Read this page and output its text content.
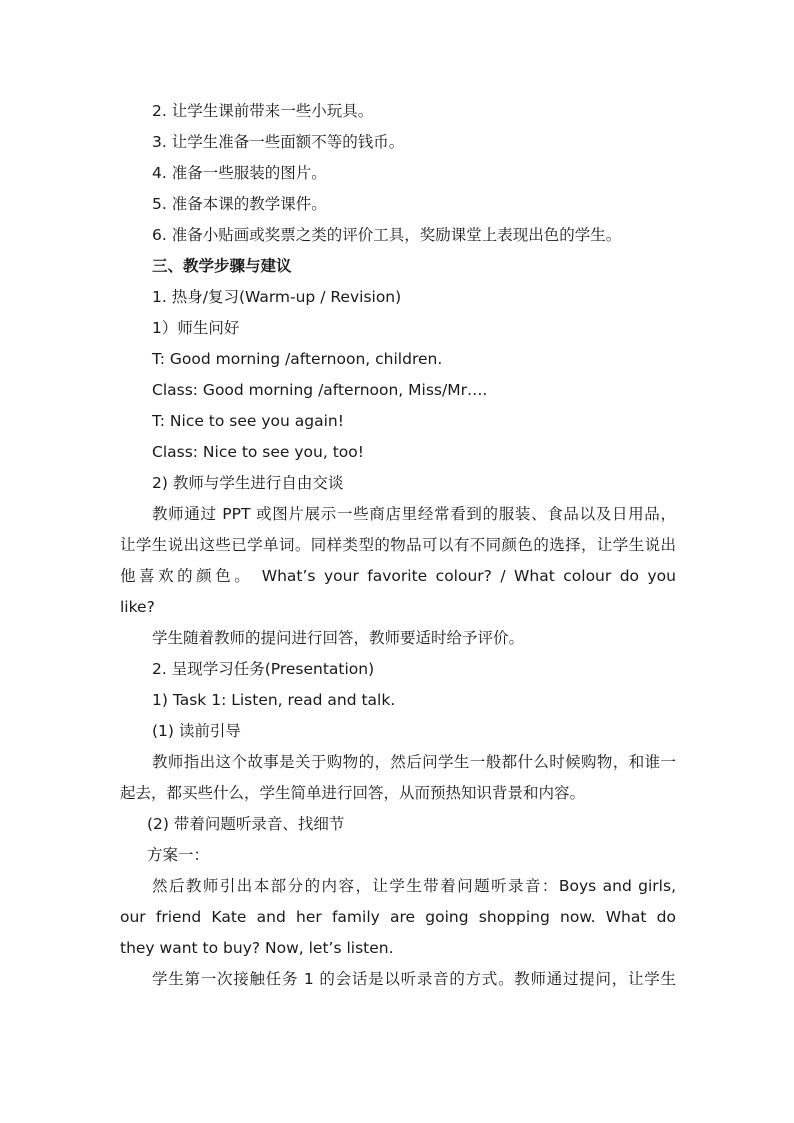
2. 让学生课前带来一些小玩具。
3. 让学生准备一些面额不等的钱币。
4. 准备一些服装的图片。
5. 准备本课的教学课件。
6. 准备小贴画或奖票之类的评价工具，奖励课堂上表现出色的学生。
三、教学步骤与建议
1. 热身/复习(Warm-up / Revision)
1）师生问好
T: Good morning /afternoon, children.
Class: Good morning /afternoon, Miss/Mr….
T: Nice to see you again!
Class: Nice to see you, too!
2) 教师与学生进行自由交谈
教师通过 PPT 或图片展示一些商店里经常看到的服装、食品以及日用品，
让学生说出这些已学单词。同样类型的物品可以有不同颜色的选择，让学生说出
他喜欢的颜色。 What’s your favorite colour? / What colour do you
like?
学生随着教师的提问进行回答，教师要适时给予评价。
2. 呈现学习任务(Presentation)
1) Task 1: Listen, read and talk.
(1) 读前引导
教师指出这个故事是关于购物的，然后问学生一般都什么时候购物，和谁一
起去，都买些什么，学生简单进行回答，从而预热知识背景和内容。
(2) 带着问题听录音、找细节
方案一：
然后教师引出本部分的内容，让学生带着问题听录音：Boys and girls,
our friend Kate and her family are going shopping now. What do
they want to buy? Now, let’s listen.
学生第一次接触任务 1 的会话是以听录音的方式。教师通过提问，让学生
